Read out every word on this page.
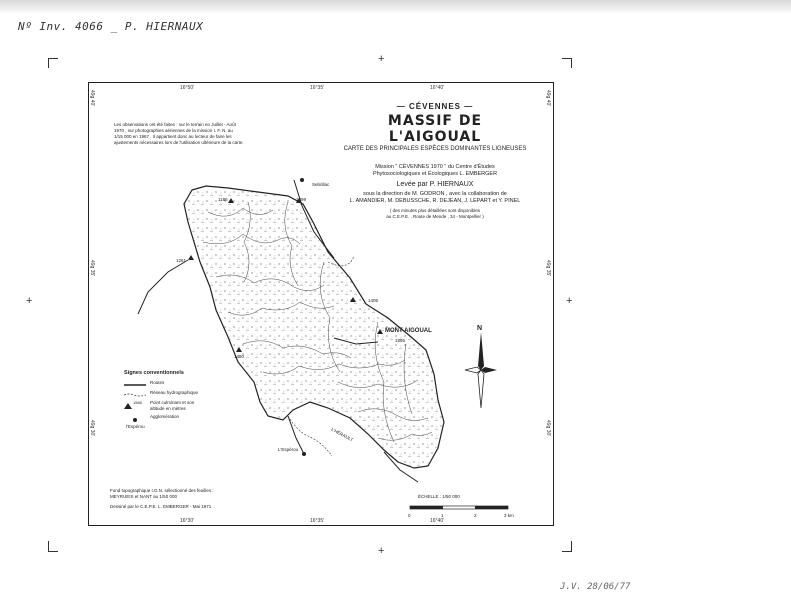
Nº Inv. 4066 _ P. HIERNAUX
J.V. 28/06/77
+
+
+	+
16°50'	16°35'	16°40'
16°30'	16°35'	16°40'
49g 40'
49g 35'
49g 30'
49g 40'
49g 35'
49g 30'
— CÉVENNES —
MASSIF DE L'AIGOUAL
CARTE DES PRINCIPALES ESPÈCES DOMINANTES LIGNEUSES
Mission " CÉVENNES 1970 " du Centre d'Études
Phytosociologiques et Écologiques L. EMBERGER
Levée par P. HIERNAUX
sous la direction de M. GODRON , avec la collaboration de
L. AMANDIER, M. DEBUSSCHE, R. DEJEAN, J. LEPART et Y. PINEL
( des minutes plus détaillées sont disponibles
au C.E.P.E. , Route de Mende , 34 - Montpellier )
Les observations ont été faites : sur le terrain en Juillet - Août
1970 , sur photographies aériennes de la mission I. F. N. au
1/15 000 en 1967 . Il appartient donc au lecteur de faire les
ajustements nécessaires lors de l'utilisation ultérieure de la carte.
Sebrillac
MONT AIGOUAL
1565
L'Espérou
L'HÉRAULT
1186	1399
1261
1490
1405
N
Signes conventionnels
Routes
Réseau hydrographique
1565 Point culminant et son altitude en mètres
Agglomération
l'Espérou
Fond topographique I.G.N. sélectionné des feuilles :
MEYRUEIS et NANT au 1/50 000
Dessiné par le C.E.P.E. L. EMBERGER - Mai 1971
ÉCHELLE : 1/50 000
0	1	2	3 km
